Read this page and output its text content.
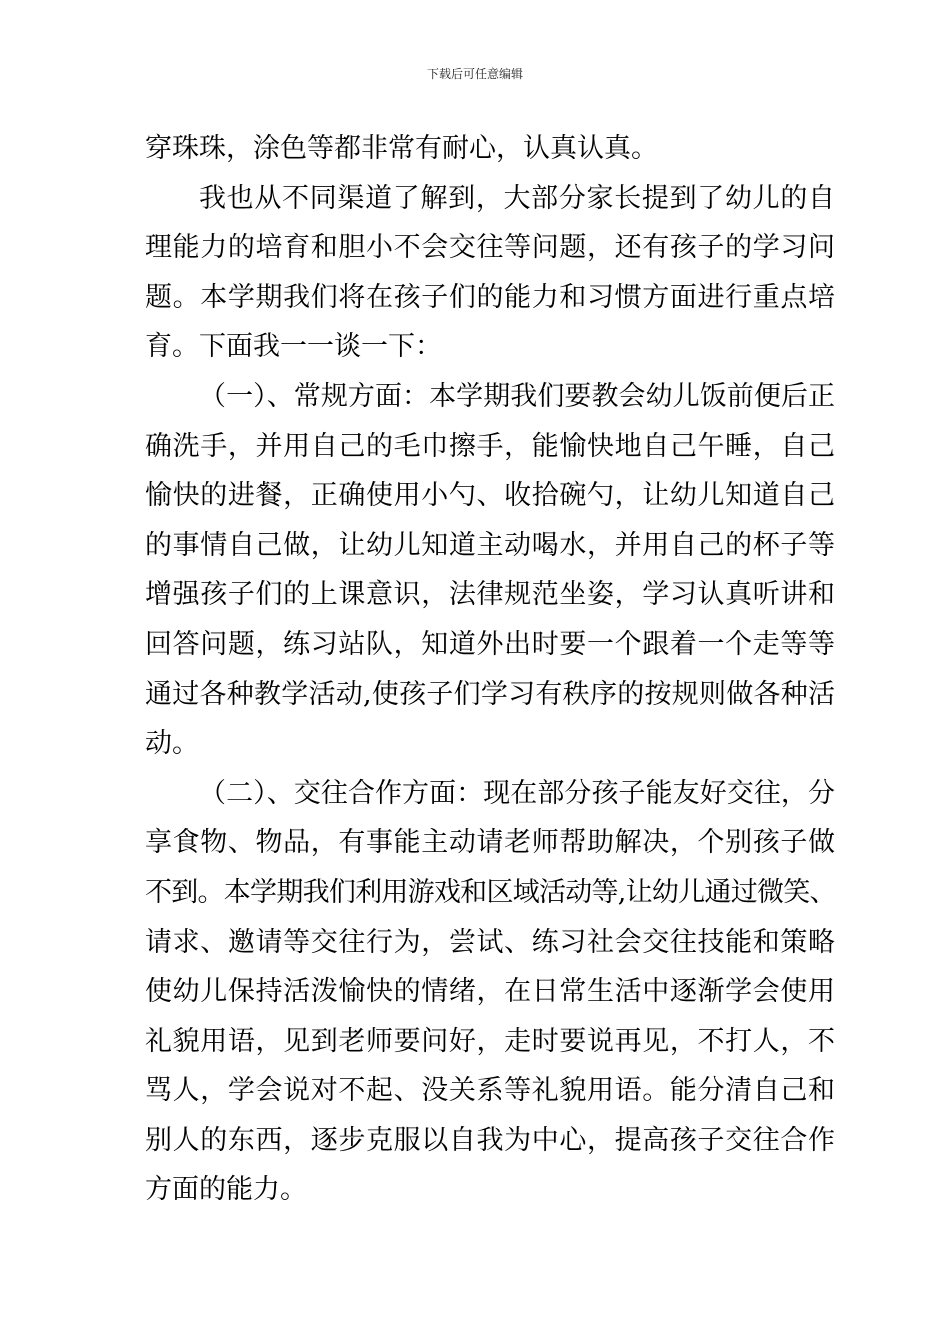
下载后可任意编辑
穿珠珠，涂色等都非常有耐心，认真认真。
我也从不同渠道了解到，大部分家长提到了幼儿的自
理能力的培育和胆小不会交往等问题，还有孩子的学习问
题。本学期我们将在孩子们的能力和习惯方面进行重点培
育。下面我一一谈一下：
（一）、常规方面：本学期我们要教会幼儿饭前便后正
确洗手，并用自己的毛巾擦手，能愉快地自己午睡，自己
愉快的进餐，正确使用小勺、收拾碗勺，让幼儿知道自己
的事情自己做，让幼儿知道主动喝水，并用自己的杯子等
增强孩子们的上课意识，法律规范坐姿，学习认真听讲和
回答问题，练习站队，知道外出时要一个跟着一个走等等
通过各种教学活动,使孩子们学习有秩序的按规则做各种活
动。
（二）、交往合作方面：现在部分孩子能友好交往，分
享食物、物品，有事能主动请老师帮助解决，个别孩子做
不到。本学期我们利用游戏和区域活动等,让幼儿通过微笑、
请求、邀请等交往行为，尝试、练习社会交往技能和策略
使幼儿保持活泼愉快的情绪，在日常生活中逐渐学会使用
礼貌用语，见到老师要问好，走时要说再见，不打人，不
骂人，学会说对不起、没关系等礼貌用语。能分清自己和
别人的东西，逐步克服以自我为中心，提高孩子交往合作
方面的能力。
